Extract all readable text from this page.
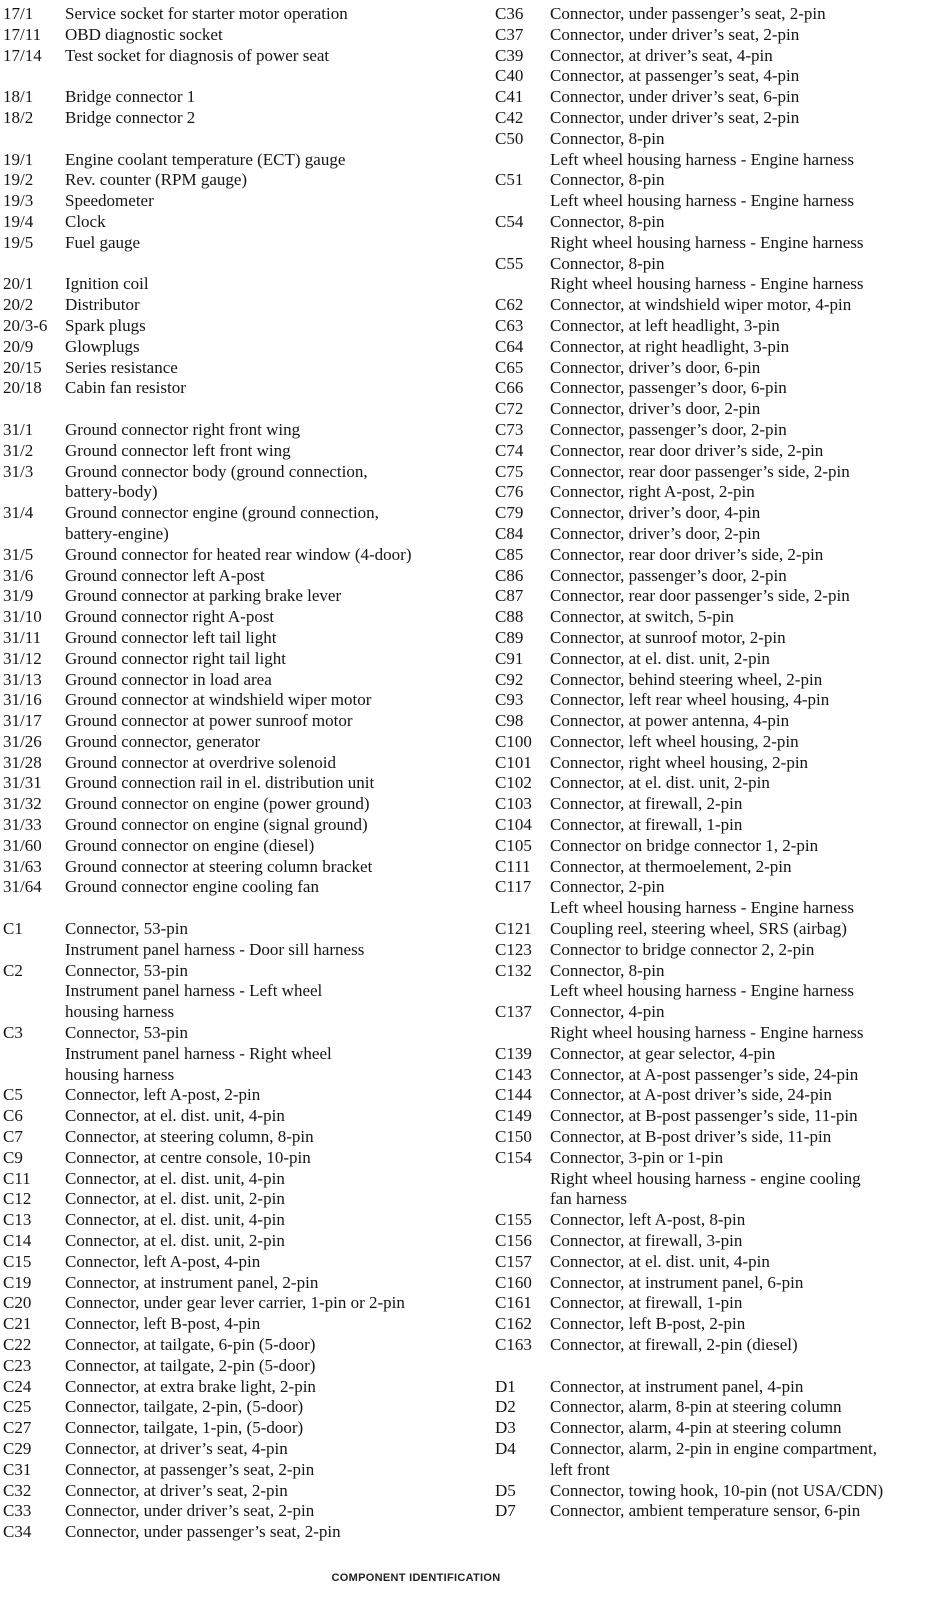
17/1	Service socket for starter motor operation
17/11	OBD diagnostic socket
17/14	Test socket for diagnosis of power seat
18/1	Bridge connector 1
18/2	Bridge connector 2
19/1	Engine coolant temperature (ECT) gauge
19/2	Rev. counter (RPM gauge)
19/3	Speedometer
19/4	Clock
19/5	Fuel gauge
20/1	Ignition coil
20/2	Distributor
20/3-6	Spark plugs
20/9	Glowplugs
20/15	Series resistance
20/18	Cabin fan resistor
31/1	Ground connector right front wing
31/2	Ground connector left front wing
31/3	Ground connector body (ground connection,
battery-body)
31/4	Ground connector engine (ground connection,
battery-engine)
31/5	Ground connector for heated rear window (4-door)
31/6	Ground connector left A-post
31/9	Ground connector at parking brake lever
31/10	Ground connector right A-post
31/11	Ground connector left tail light
31/12	Ground connector right tail light
31/13	Ground connector in load area
31/16	Ground connector at windshield wiper motor
31/17	Ground connector at power sunroof motor
31/26	Ground connector, generator
31/28	Ground connector at overdrive solenoid
31/31	Ground connection rail in el. distribution unit
31/32	Ground connector on engine (power ground)
31/33	Ground connector on engine (signal ground)
31/60	Ground connector on engine (diesel)
31/63	Ground connector at steering column bracket
31/64	Ground connector engine cooling fan
C1	Connector, 53-pin
Instrument panel harness - Door sill harness
C2	Connector, 53-pin
Instrument panel harness - Left wheel
housing harness
C3	Connector, 53-pin
Instrument panel harness - Right wheel
housing harness
C5	Connector, left A-post, 2-pin
C6	Connector, at el. dist. unit, 4-pin
C7	Connector, at steering column, 8-pin
C9	Connector, at centre console, 10-pin
C11	Connector, at el. dist. unit, 4-pin
C12	Connector, at el. dist. unit, 2-pin
C13	Connector, at el. dist. unit, 4-pin
C14	Connector, at el. dist. unit, 2-pin
C15	Connector, left A-post, 4-pin
C19	Connector, at instrument panel, 2-pin
C20	Connector, under gear lever carrier, 1-pin or 2-pin
C21	Connector, left B-post, 4-pin
C22	Connector, at tailgate, 6-pin (5-door)
C23	Connector, at tailgate, 2-pin (5-door)
C24	Connector, at extra brake light, 2-pin
C25	Connector, tailgate, 2-pin, (5-door)
C27	Connector, tailgate, 1-pin, (5-door)
C29	Connector, at driver’s seat, 4-pin
C31	Connector, at passenger’s seat, 2-pin
C32	Connector, at driver’s seat, 2-pin
C33	Connector, under driver’s seat, 2-pin
C34	Connector, under passenger’s seat, 2-pin
C36	Connector, under passenger’s seat, 2-pin
C37	Connector, under driver’s seat, 2-pin
C39	Connector, at driver’s seat, 4-pin
C40	Connector, at passenger’s seat, 4-pin
C41	Connector, under driver’s seat, 6-pin
C42	Connector, under driver’s seat, 2-pin
C50	Connector, 8-pin
Left wheel housing harness - Engine harness
C51	Connector, 8-pin
Left wheel housing harness - Engine harness
C54	Connector, 8-pin
Right wheel housing harness - Engine harness
C55	Connector, 8-pin
Right wheel housing harness - Engine harness
C62	Connector, at windshield wiper motor, 4-pin
C63	Connector, at left headlight, 3-pin
C64	Connector, at right headlight, 3-pin
C65	Connector, driver’s door, 6-pin
C66	Connector, passenger’s door, 6-pin
C72	Connector, driver’s door, 2-pin
C73	Connector, passenger’s door, 2-pin
C74	Connector, rear door driver’s side, 2-pin
C75	Connector, rear door passenger’s side, 2-pin
C76	Connector, right A-post, 2-pin
C79	Connector, driver’s door, 4-pin
C84	Connector, driver’s door, 2-pin
C85	Connector, rear door driver’s side, 2-pin
C86	Connector, passenger’s door, 2-pin
C87	Connector, rear door passenger’s side, 2-pin
C88	Connector, at switch, 5-pin
C89	Connector, at sunroof motor, 2-pin
C91	Connector, at el. dist. unit, 2-pin
C92	Connector, behind steering wheel, 2-pin
C93	Connector, left rear wheel housing, 4-pin
C98	Connector, at power antenna, 4-pin
C100	Connector, left wheel housing, 2-pin
C101	Connector, right wheel housing, 2-pin
C102	Connector, at el. dist. unit, 2-pin
C103	Connector, at firewall, 2-pin
C104	Connector, at firewall, 1-pin
C105	Connector on bridge connector 1, 2-pin
C111	Connector, at thermoelement, 2-pin
C117	Connector, 2-pin
Left wheel housing harness - Engine harness
C121	Coupling reel, steering wheel, SRS (airbag)
C123	Connector to bridge connector 2, 2-pin
C132	Connector, 8-pin
Left wheel housing harness - Engine harness
C137	Connector, 4-pin
Right wheel housing harness - Engine harness
C139	Connector, at gear selector, 4-pin
C143	Connector, at A-post passenger’s side, 24-pin
C144	Connector, at A-post driver’s side, 24-pin
C149	Connector, at B-post passenger’s side, 11-pin
C150	Connector, at B-post driver’s side, 11-pin
C154	Connector, 3-pin or 1-pin
Right wheel housing harness - engine cooling
fan harness
C155	Connector, left A-post, 8-pin
C156	Connector, at firewall, 3-pin
C157	Connector, at el. dist. unit, 4-pin
C160	Connector, at instrument panel, 6-pin
C161	Connector, at firewall, 1-pin
C162	Connector, left B-post, 2-pin
C163	Connector, at firewall, 2-pin (diesel)
D1	Connector, at instrument panel, 4-pin
D2	Connector, alarm, 8-pin at steering column
D3	Connector, alarm, 4-pin at steering column
D4	Connector, alarm, 2-pin in engine compartment,
left front
D5	Connector, towing hook, 10-pin (not USA/CDN)
D7	Connector, ambient temperature sensor, 6-pin
COMPONENT IDENTIFICATION
